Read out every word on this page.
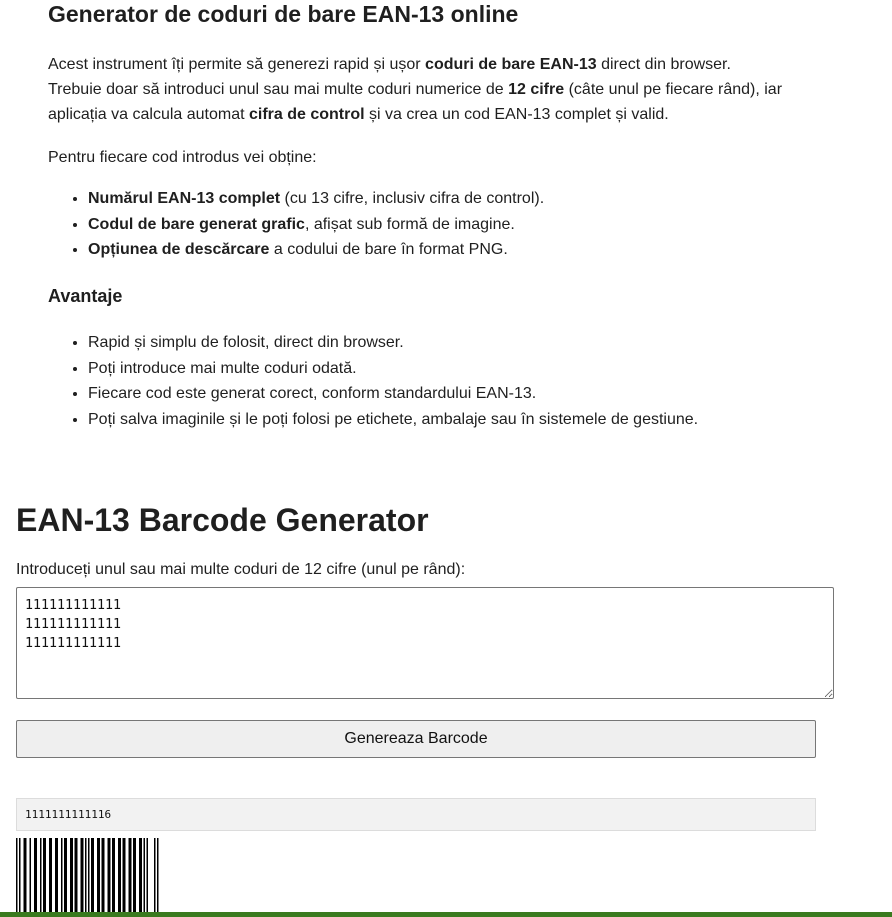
Generator de coduri de bare EAN-13 online

Acest instrument îți permite să generezi rapid și ușor coduri de bare EAN-13 direct din browser.
Trebuie doar să introduci unul sau mai multe coduri numerice de 12 cifre (câte unul pe fiecare rând), iar
aplicația va calcula automat cifra de control și va crea un cod EAN-13 complet și valid.

Pentru fiecare cod introdus vei obține:

• Numărul EAN-13 complet (cu 13 cifre, inclusiv cifra de control).
• Codul de bare generat grafic, afișat sub formă de imagine.
• Opțiunea de descărcare a codului de bare în format PNG.
Avantaje
• Rapid și simplu de folosit, direct din browser.
• Poți introduce mai multe coduri odată.
• Fiecare cod este generat corect, conform standardului EAN-13.
• Poți salva imaginile și le poți folosi pe etichete, ambalaje sau în sistemele de gestiune.
EAN-13 Barcode Generator
Introduceți unul sau mai multe coduri de 12 cifre (unul pe rând):
111111111111 111111111111 111111111111
Genereaza Barcode
1111111111116
